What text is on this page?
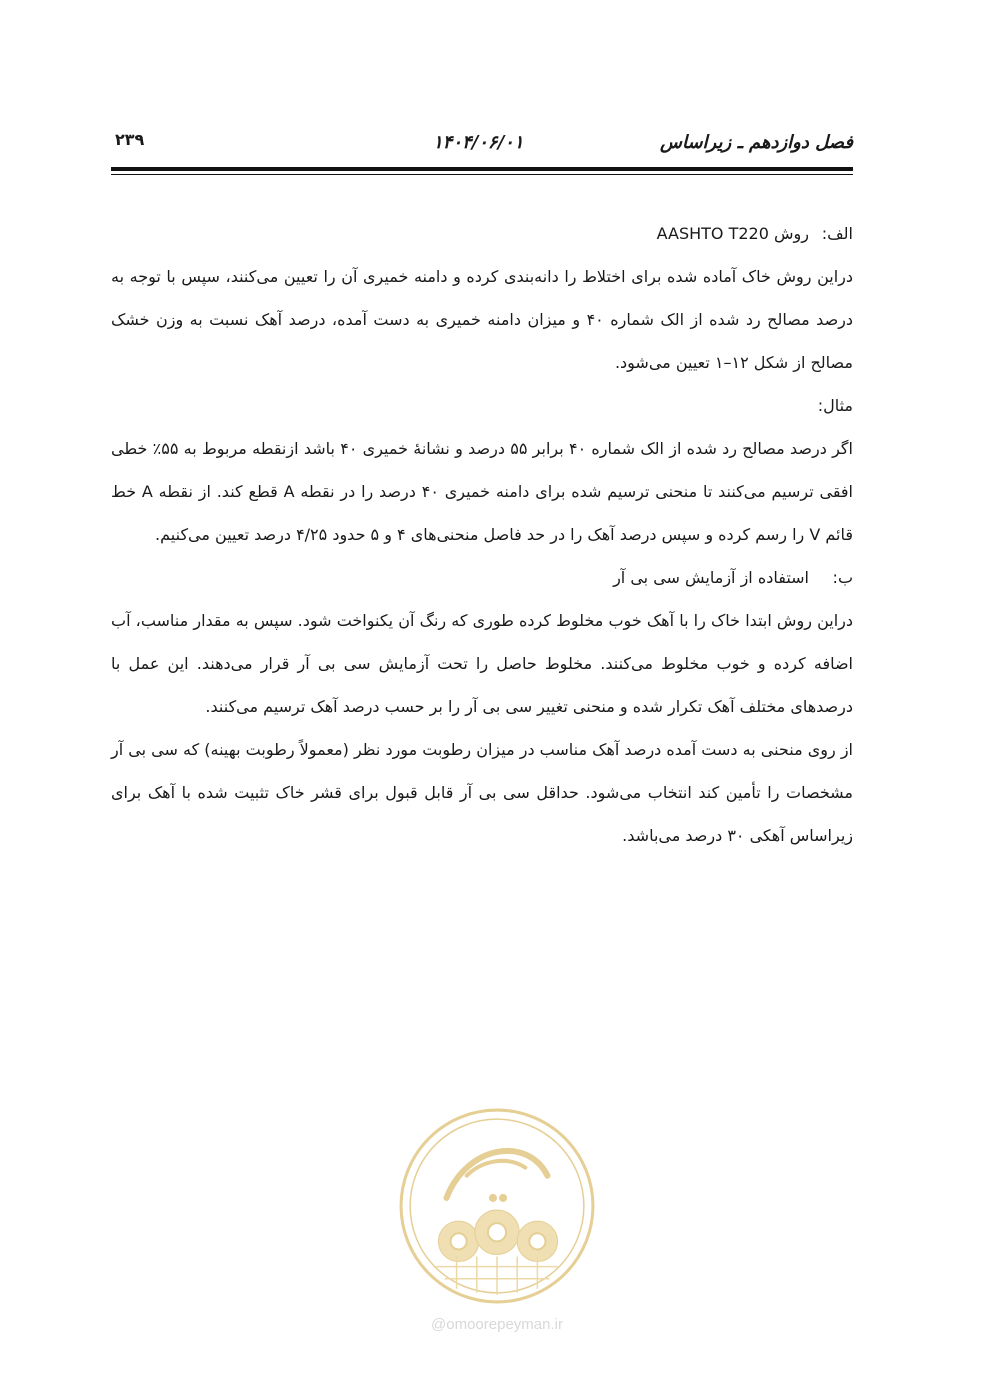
فصل دوازدهم ـ زیراساس
۱۴۰۴/۰۶/۰۱
۲۳۹
الف:
روش AASHTO T220

دراین روش خاک آماده شده برای اختلاط را دانه‌بندی کرده و دامنه خمیری آن را تعیین می‌کنند، سپس با توجه به درصد مصالح رد شده از الک شماره ۴۰ و میزان دامنه خمیری به دست آمده، درصد آهک نسبت به وزن خشک مصالح از شکل ۱۲–۱ تعیین می‌شود.

مثال:

اگر درصد مصالح رد شده از الک شماره ۴۰ برابر ۵۵ درصد و نشانهٔ خمیری ۴۰ باشد ازنقطه مربوط به ۵۵٪ خطی افقی ترسیم می‌کنند تا منحنی ترسیم شده برای دامنه خمیری ۴۰ درصد را در نقطه A قطع کند. از نقطه A خط قائم V را رسم کرده و سپس درصد آهک را در حد فاصل منحنی‌های ۴ و ۵ حدود ۴/۲۵ درصد تعیین می‌کنیم.

ب:
استفاده از آزمایش سی بی آر

دراین روش ابتدا خاک را با آهک خوب مخلوط کرده طوری که رنگ آن یکنواخت شود. سپس به مقدار مناسب، آب اضافه کرده و خوب مخلوط می‌کنند. مخلوط حاصل را تحت آزمایش سی بی آر قرار می‌دهند. این عمل با درصدهای مختلف آهک تکرار شده و منحنی تغییر سی بی آر را بر حسب درصد آهک ترسیم می‌کنند.

از روی منحنی به دست آمده درصد آهک مناسب در میزان رطوبت مورد نظر (معمولاً رطوبت بهینه) که سی بی آر مشخصات را تأمین کند انتخاب می‌شود. حداقل سی بی آر قابل قبول برای قشر خاک تثبیت شده با آهک برای زیراساس آهکی ۳۰ درصد می‌باشد.

@omoorepeyman.ir
